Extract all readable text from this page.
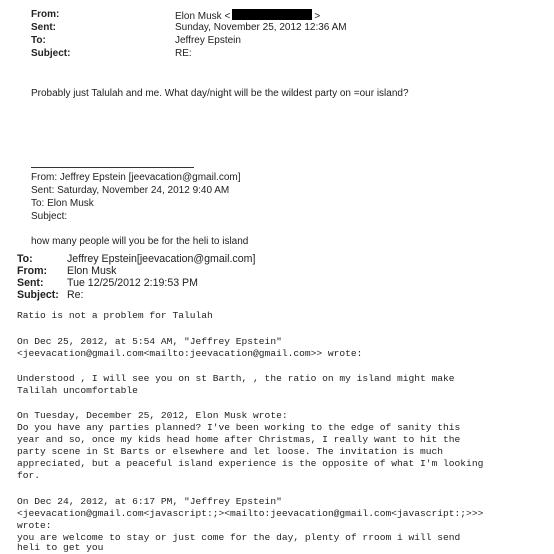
From:	Elon Musk <	>
Sent:	Sunday, November 25, 2012 12:36 AM
To:	Jeffrey Epstein
Subject:	RE:
Probably just Talulah and me. What day/night will be the wildest party on =our island?
From: Jeffrey Epstein [jeevacation@gmail.com]
Sent: Saturday, November 24, 2012 9:40 AM
To: Elon Musk
Subject:
how many people will you be for the heli to island
To:	Jeffrey Epstein[jeevacation@gmail.com]
From: Elon Musk
Sent: Tue 12/25/2012 2:19:53 PM
Subject: Re:
Ratio is not a problem for Talulah
On Dec 25, 2012, at 5:54 AM, "Jeffrey Epstein"
<jeevacation@gmail.com<mailto:jeevacation@gmail.com>> wrote:
Understood , I will see you on st Barth, , the ratio on my island might make
Talilah uncomfortable
On Tuesday, December 25, 2012, Elon Musk wrote:
Do you have any parties planned? I've been working to the edge of sanity this
year and so, once my kids head home after Christmas, I really want to hit the
party scene in St Barts or elsewhere and let loose. The invitation is much
appreciated, but a peaceful island experience is the opposite of what I'm looking
for.
On Dec 24, 2012, at 6:17 PM, "Jeffrey Epstein"
<jeevacation@gmail.com<javascript:;><mailto:jeevacation@gmail.com<javascript:;>>>
wrote:
you are welcome to stay or just come for the day, plenty of rroom i will send
heli to get you
